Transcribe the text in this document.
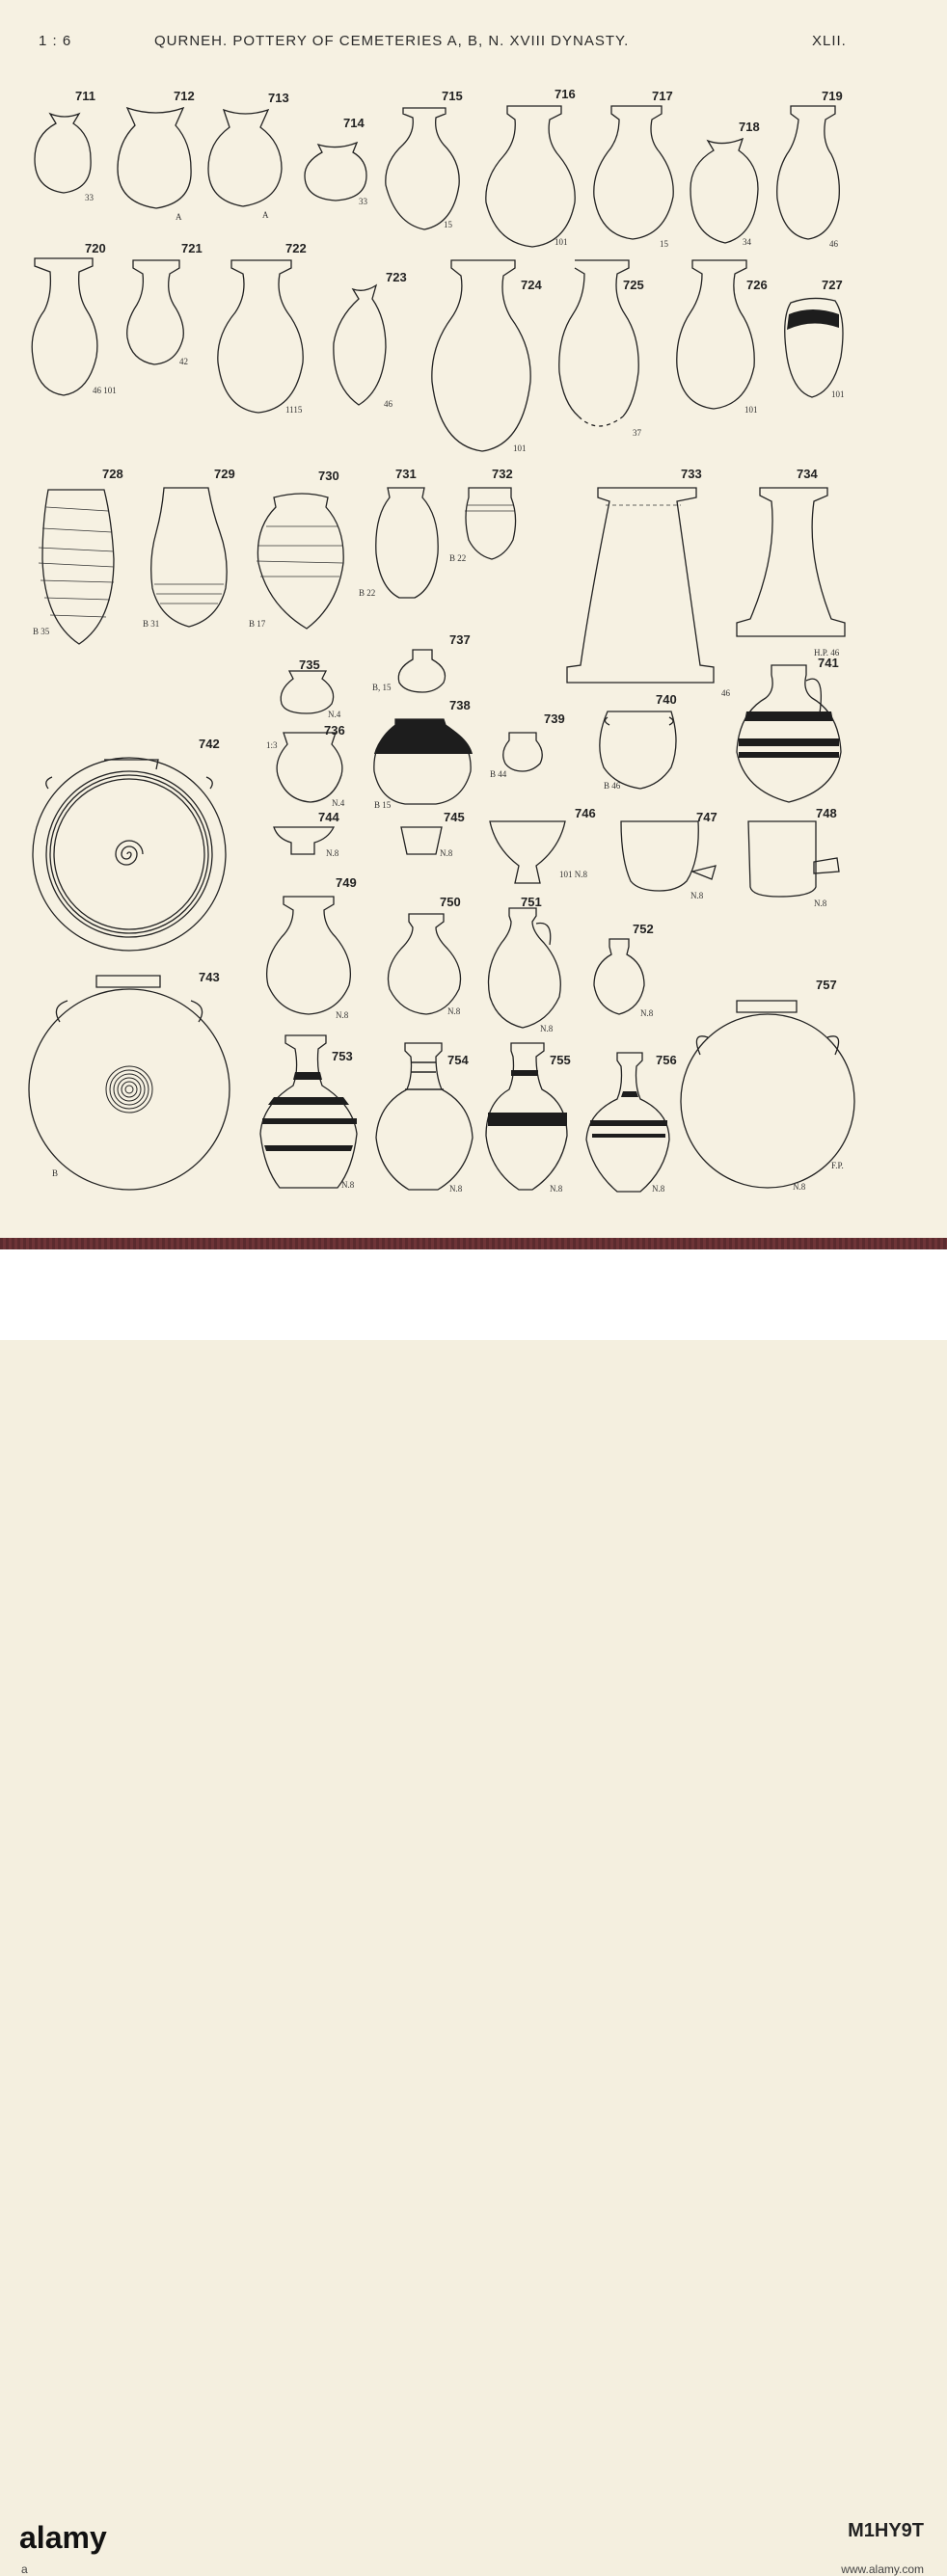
1 : 6	QURNEH. POTTERY OF CEMETERIES A, B, N. XVIII DYNASTY.	XLII.
711
33
712
A
713
A
714
33
715
15
716
101
717
15
718
34
719
46
720
46 101
721
42
722
1115
723
46
724
101
725
37
726
101
727
101
728
B 35
729
B 31
730
B 17
731
B 22
732
B 22
733
46
734
H.P. 46
735
N.4
737
B, 15
736
1:3
N.4
738
B 15
739
B 44
740
B 46
741
742
743
B
744
N.8
745
N.8
746
101 N.8
747
N.8
748
N.8
749
N.8
750
N.8
751
N.8
752
N.8
753
N.8
754
N.8
755
N.8
756
N.8
757
F.P.
N.8
alamy	M1HY9T
a	www.alamy.com
